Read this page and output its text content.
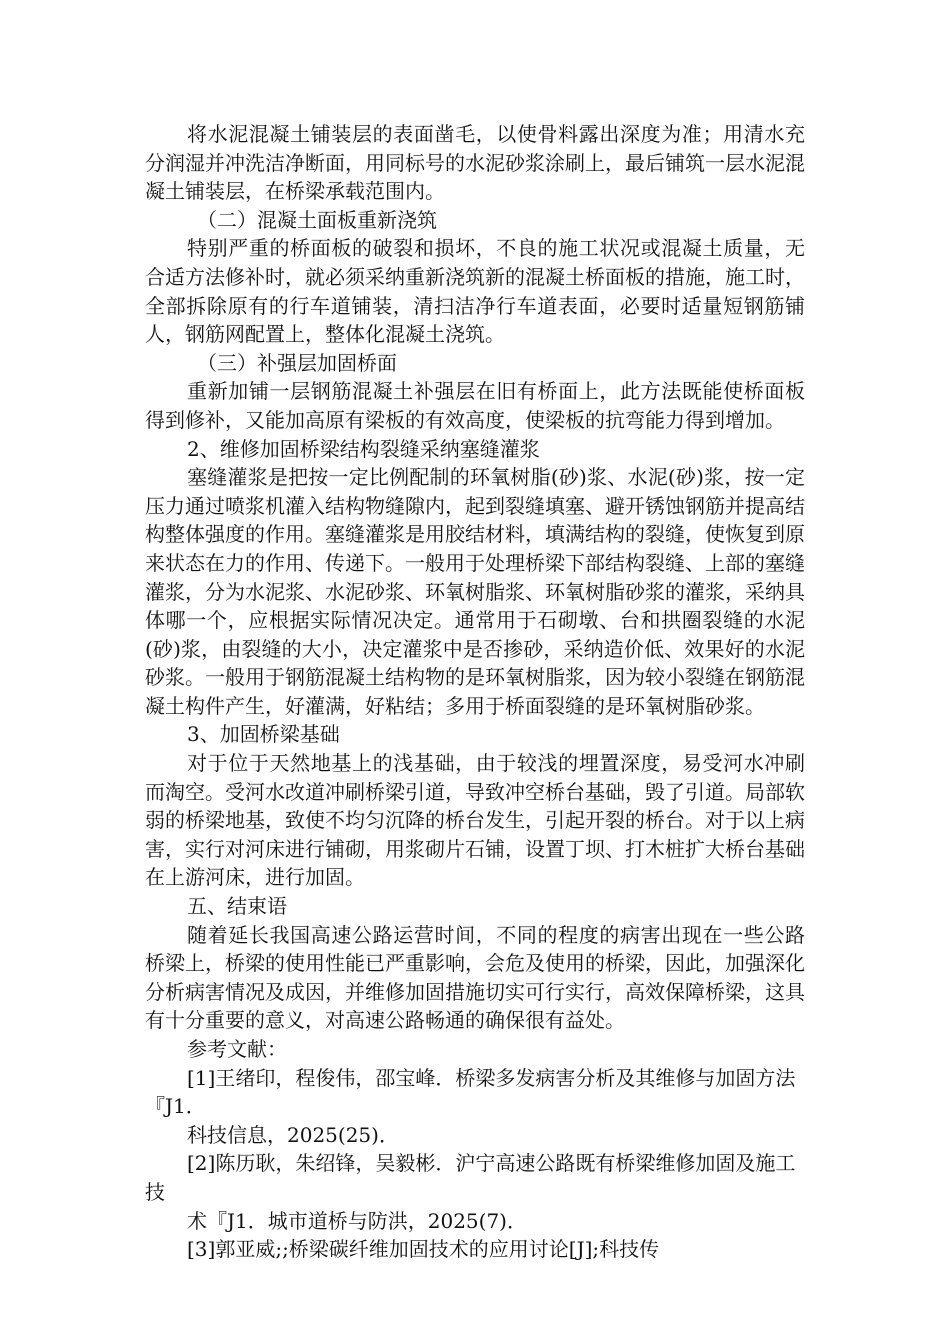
将水泥混凝土铺装层的表面凿毛，以使骨料露出深度为准；用清水充分润湿并冲洗洁净断面，用同标号的水泥砂浆涂刷上，最后铺筑一层水泥混凝土铺装层，在桥梁承载范围内。

（二）混凝土面板重新浇筑

特别严重的桥面板的破裂和损坏，不良的施工状况或混凝土质量，无合适方法修补时，就必须采纳重新浇筑新的混凝土桥面板的措施，施工时，全部拆除原有的行车道铺装，清扫洁净行车道表面，必要时适量短钢筋铺人，钢筋网配置上，整体化混凝土浇筑。

（三）补强层加固桥面

重新加铺一层钢筋混凝土补强层在旧有桥面上，此方法既能使桥面板得到修补，又能加高原有梁板的有效高度，使梁板的抗弯能力得到增加。

2、维修加固桥梁结构裂缝采纳塞缝灌浆

塞缝灌浆是把按一定比例配制的环氧树脂(砂)浆、水泥(砂)浆，按一定压力通过喷浆机灌入结构物缝隙内，起到裂缝填塞、避开锈蚀钢筋并提高结构整体强度的作用。塞缝灌浆是用胶结材料，填满结构的裂缝，使恢复到原来状态在力的作用、传递下。一般用于处理桥梁下部结构裂缝、上部的塞缝灌浆，分为水泥浆、水泥砂浆、环氧树脂浆、环氧树脂砂浆的灌浆，采纳具体哪一个，应根据实际情况决定。通常用于石砌墩、台和拱圈裂缝的水泥(砂)浆，由裂缝的大小，决定灌浆中是否掺砂，采纳造价低、效果好的水泥砂浆。一般用于钢筋混凝土结构物的是环氧树脂浆，因为较小裂缝在钢筋混凝土构件产生，好灌满，好粘结；多用于桥面裂缝的是环氧树脂砂浆。

3、加固桥梁基础

对于位于天然地基上的浅基础，由于较浅的埋置深度，易受河水冲刷而淘空。受河水改道冲刷桥梁引道，导致冲空桥台基础，毁了引道。局部软弱的桥梁地基，致使不均匀沉降的桥台发生，引起开裂的桥台。对于以上病害，实行对河床进行铺砌，用浆砌片石铺，设置丁坝、打木桩扩大桥台基础在上游河床，进行加固。

五、结束语

随着延长我国高速公路运营时间，不同的程度的病害出现在一些公路桥梁上，桥梁的使用性能已严重影响，会危及使用的桥梁，因此，加强深化分析病害情况及成因，并维修加固措施切实可行实行，高效保障桥梁，这具有十分重要的意义，对高速公路畅通的确保很有益处。

参考文献：

[1]王绪印，程俊伟，邵宝峰．桥梁多发病害分析及其维修与加固方法『J1．

科技信息，2025(25)．

[2]陈历耿，朱绍锋，吴毅彬．沪宁高速公路既有桥梁维修加固及施工技

术『J1．城市道桥与防洪，2025(7)．

[3]郭亚威;;桥梁碳纤维加固技术的应用讨论[J];科技传
